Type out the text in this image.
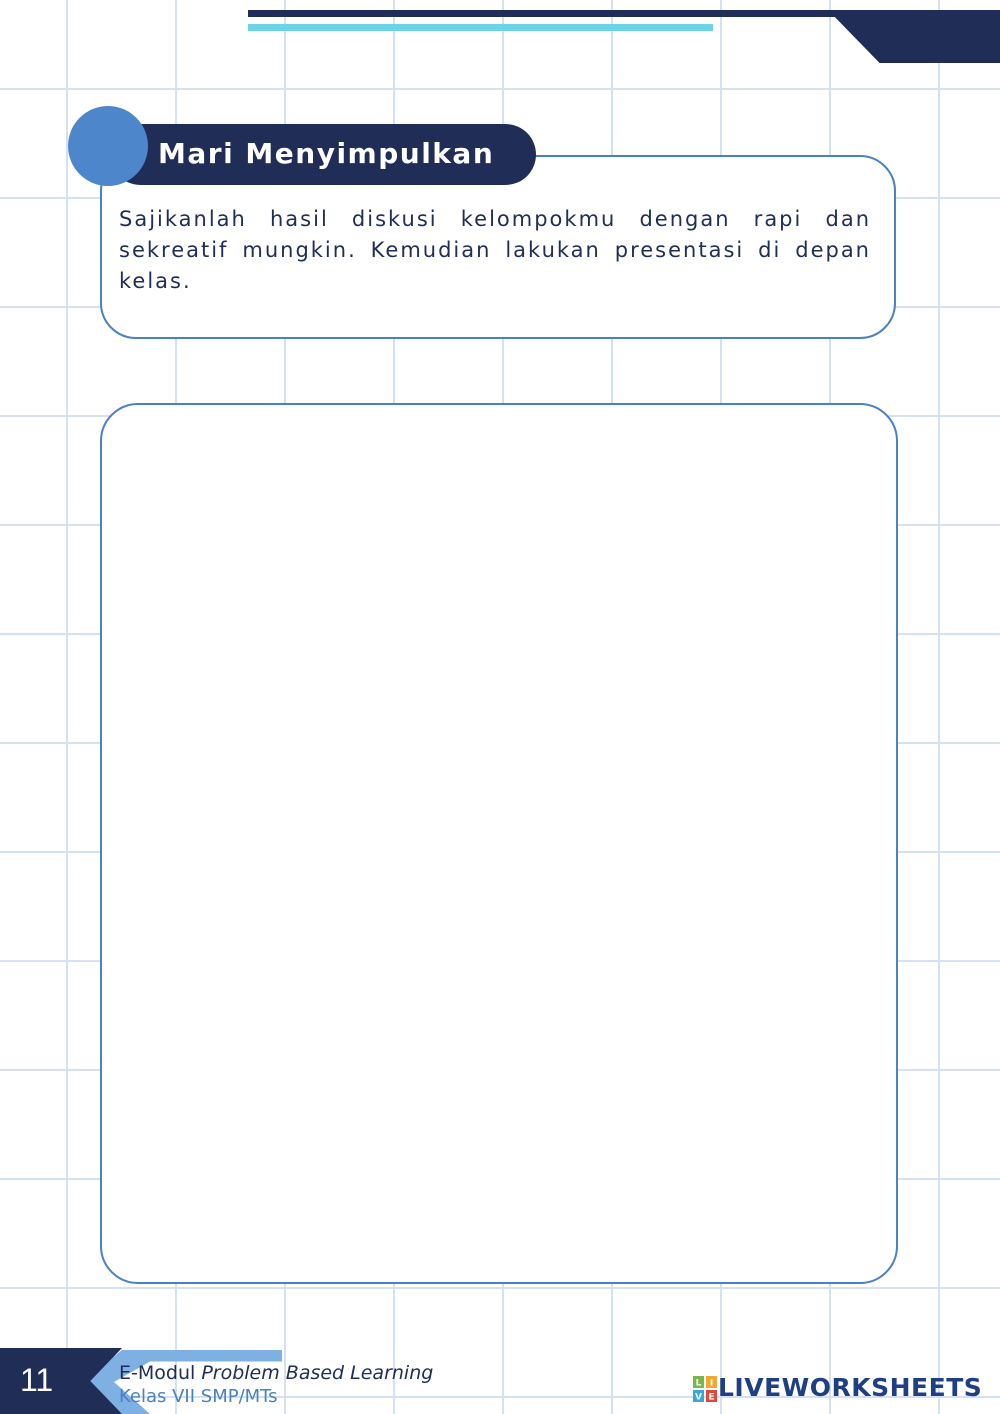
Sajikanlah hasil diskusi kelompokmu dengan rapi dan sekreatif mungkin. Kemudian lakukan presentasi di depan kelas.

Mari Menyimpulkan
11	E-Modul Problem Based Learning
Kelas VII SMP/MTs
L I
V E LIVEWORKSHEETS
